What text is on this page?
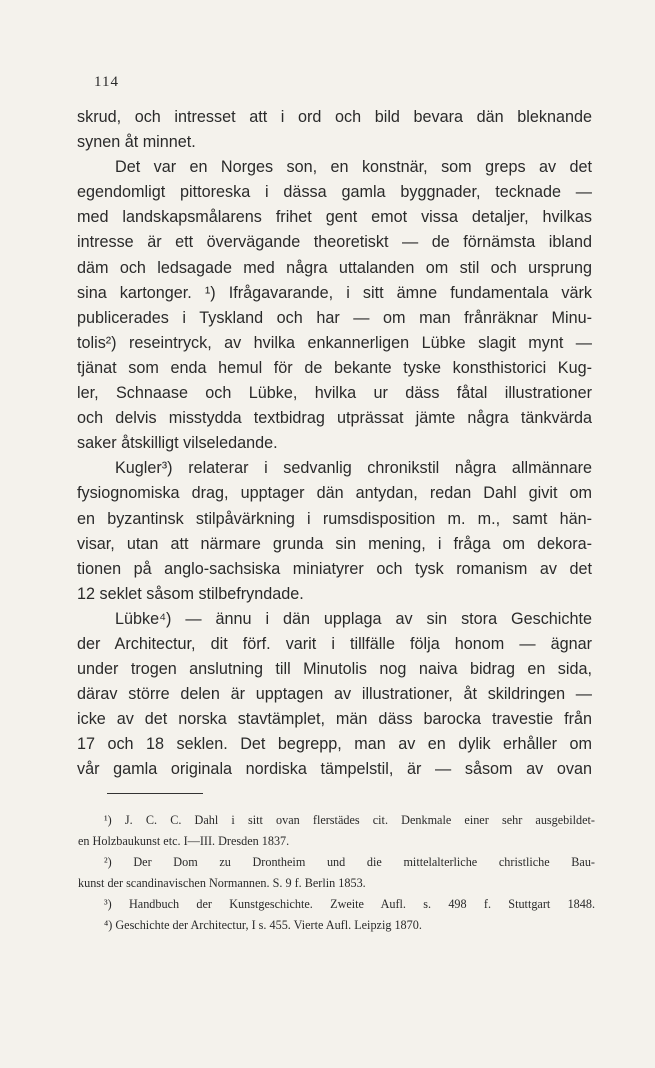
114
skrud, och intresset att i ord och bild bevara dän bleknande
synen åt minnet.
Det var en Norges son, en konstnär, som greps av det
egendomligt pittoreska i dässa gamla byggnader, tecknade —
med landskapsmålarens frihet gent emot vissa detaljer, hvilkas
intresse är ett övervägande theoretiskt — de förnämsta ibland
däm och ledsagade med några uttalanden om stil och ursprung
sina kartonger. ¹) Ifrågavarande, i sitt ämne fundamentala värk
publicerades i Tyskland och har — om man frånräknar Minu-
tolis²) reseintryck, av hvilka enkannerligen Lübke slagit mynt —
tjänat som enda hemul för de bekante tyske konsthistorici Kug-
ler, Schnaase och Lübke, hvilka ur däss fåtal illustrationer
och delvis misstydda textbidrag utprässat jämte några tänkvärda
saker åtskilligt vilseledande.
Kugler³) relaterar i sedvanlig chronikstil några allmännare
fysiognomiska drag, upptager dän antydan, redan Dahl givit om
en byzantinsk stilpåvärkning i rumsdisposition m. m., samt hän-
visar, utan att närmare grunda sin mening, i fråga om dekora-
tionen på anglo-sachsiska miniatyrer och tysk romanism av det
12 seklet såsom stilbefryndade.
Lübke⁴) — ännu i dän upplaga av sin stora Geschichte
der Architectur, dit förf. varit i tillfälle följa honom — ägnar
under trogen anslutning till Minutolis nog naiva bidrag en sida,
därav större delen är upptagen av illustrationer, åt skildringen —
icke av det norska stavtämplet, män däss barocka travestie från
17 och 18 seklen. Det begrepp, man av en dylik erhåller om
vår gamla originala nordiska tämpelstil, är — såsom av ovan
¹) J. C. C. Dahl i sitt ovan flerstädes cit. Denkmale einer sehr ausgebildet-
en Holzbaukunst etc. I—III. Dresden 1837.
²) Der Dom zu Drontheim und die mittelalterliche christliche Bau-
kunst der scandinavischen Normannen. S. 9 f. Berlin 1853.
³) Handbuch der Kunstgeschichte. Zweite Aufl. s. 498 f. Stuttgart 1848.
⁴) Geschichte der Architectur, I s. 455. Vierte Aufl. Leipzig 1870.
